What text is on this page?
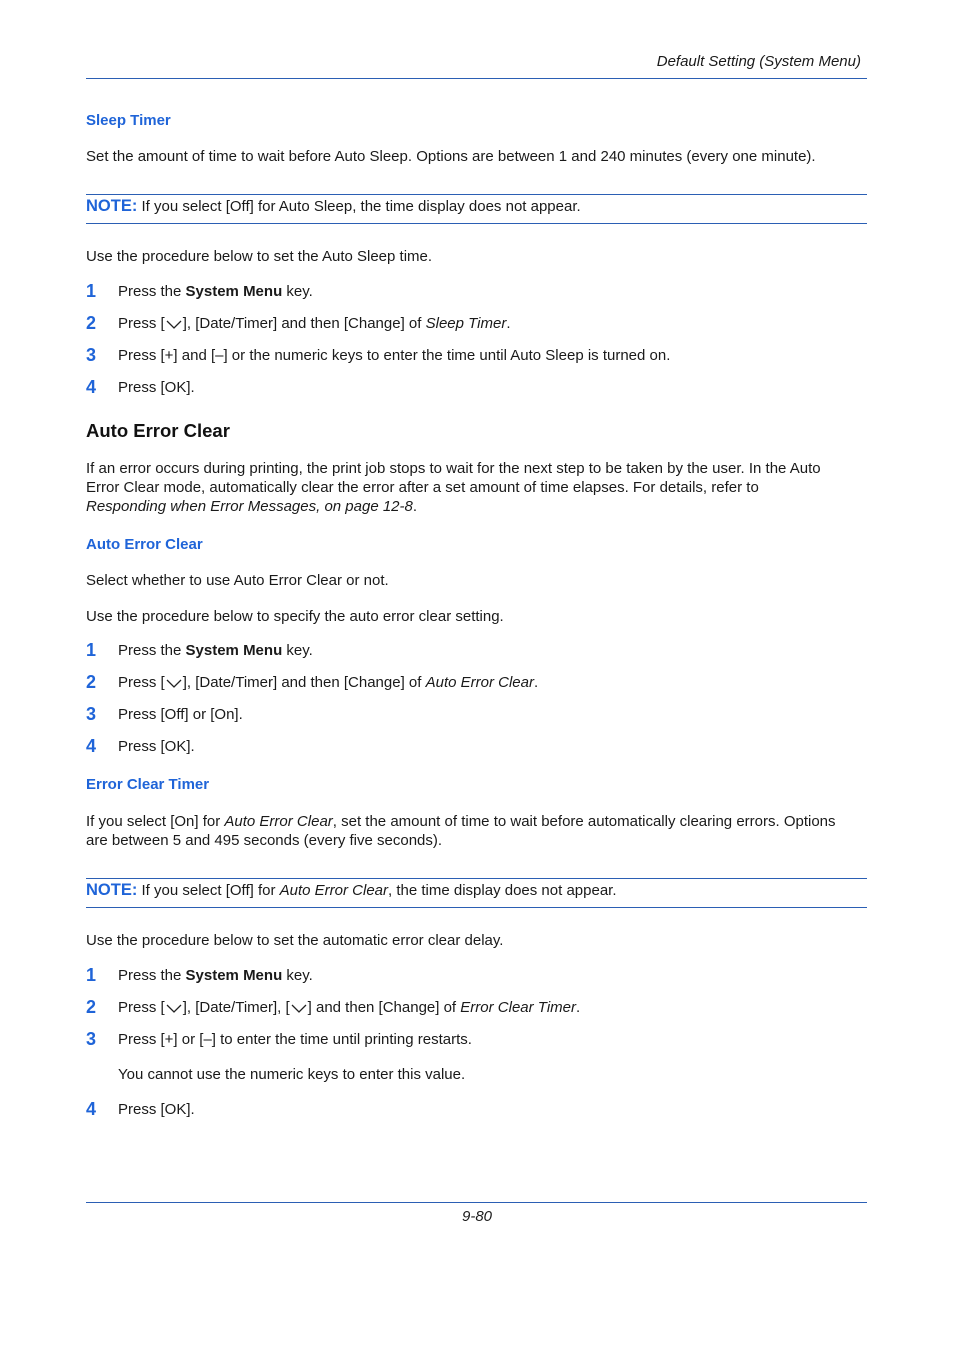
Default Setting (System Menu)
Sleep Timer
Set the amount of time to wait before Auto Sleep. Options are between 1 and 240 minutes (every one minute).
NOTE: If you select [Off] for Auto Sleep, the time display does not appear.
Use the procedure below to set the Auto Sleep time.
1 Press the System Menu key.
2 Press [ ], [Date/Timer] and then [Change] of Sleep Timer.
3 Press [+] and [–] or the numeric keys to enter the time until Auto Sleep is turned on.
4 Press [OK].
Auto Error Clear
If an error occurs during printing, the print job stops to wait for the next step to be taken by the user. In the Auto
Error Clear mode, automatically clear the error after a set amount of time elapses. For details, refer to
Responding when Error Messages, on page 12-8.
Auto Error Clear
Select whether to use Auto Error Clear or not.
Use the procedure below to specify the auto error clear setting.
1 Press the System Menu key.
2 Press [ ], [Date/Timer] and then [Change] of Auto Error Clear.
3 Press [Off] or [On].
4 Press [OK].
Error Clear Timer
If you select [On] for Auto Error Clear, set the amount of time to wait before automatically clearing errors. Options
are between 5 and 495 seconds (every five seconds).
NOTE: If you select [Off] for Auto Error Clear, the time display does not appear.
Use the procedure below to set the automatic error clear delay.
1 Press the System Menu key.
2 Press [ ], [Date/Timer], [ ] and then [Change] of Error Clear Timer.
3 Press [+] or [–] to enter the time until printing restarts.
You cannot use the numeric keys to enter this value.
4 Press [OK].
9-80
